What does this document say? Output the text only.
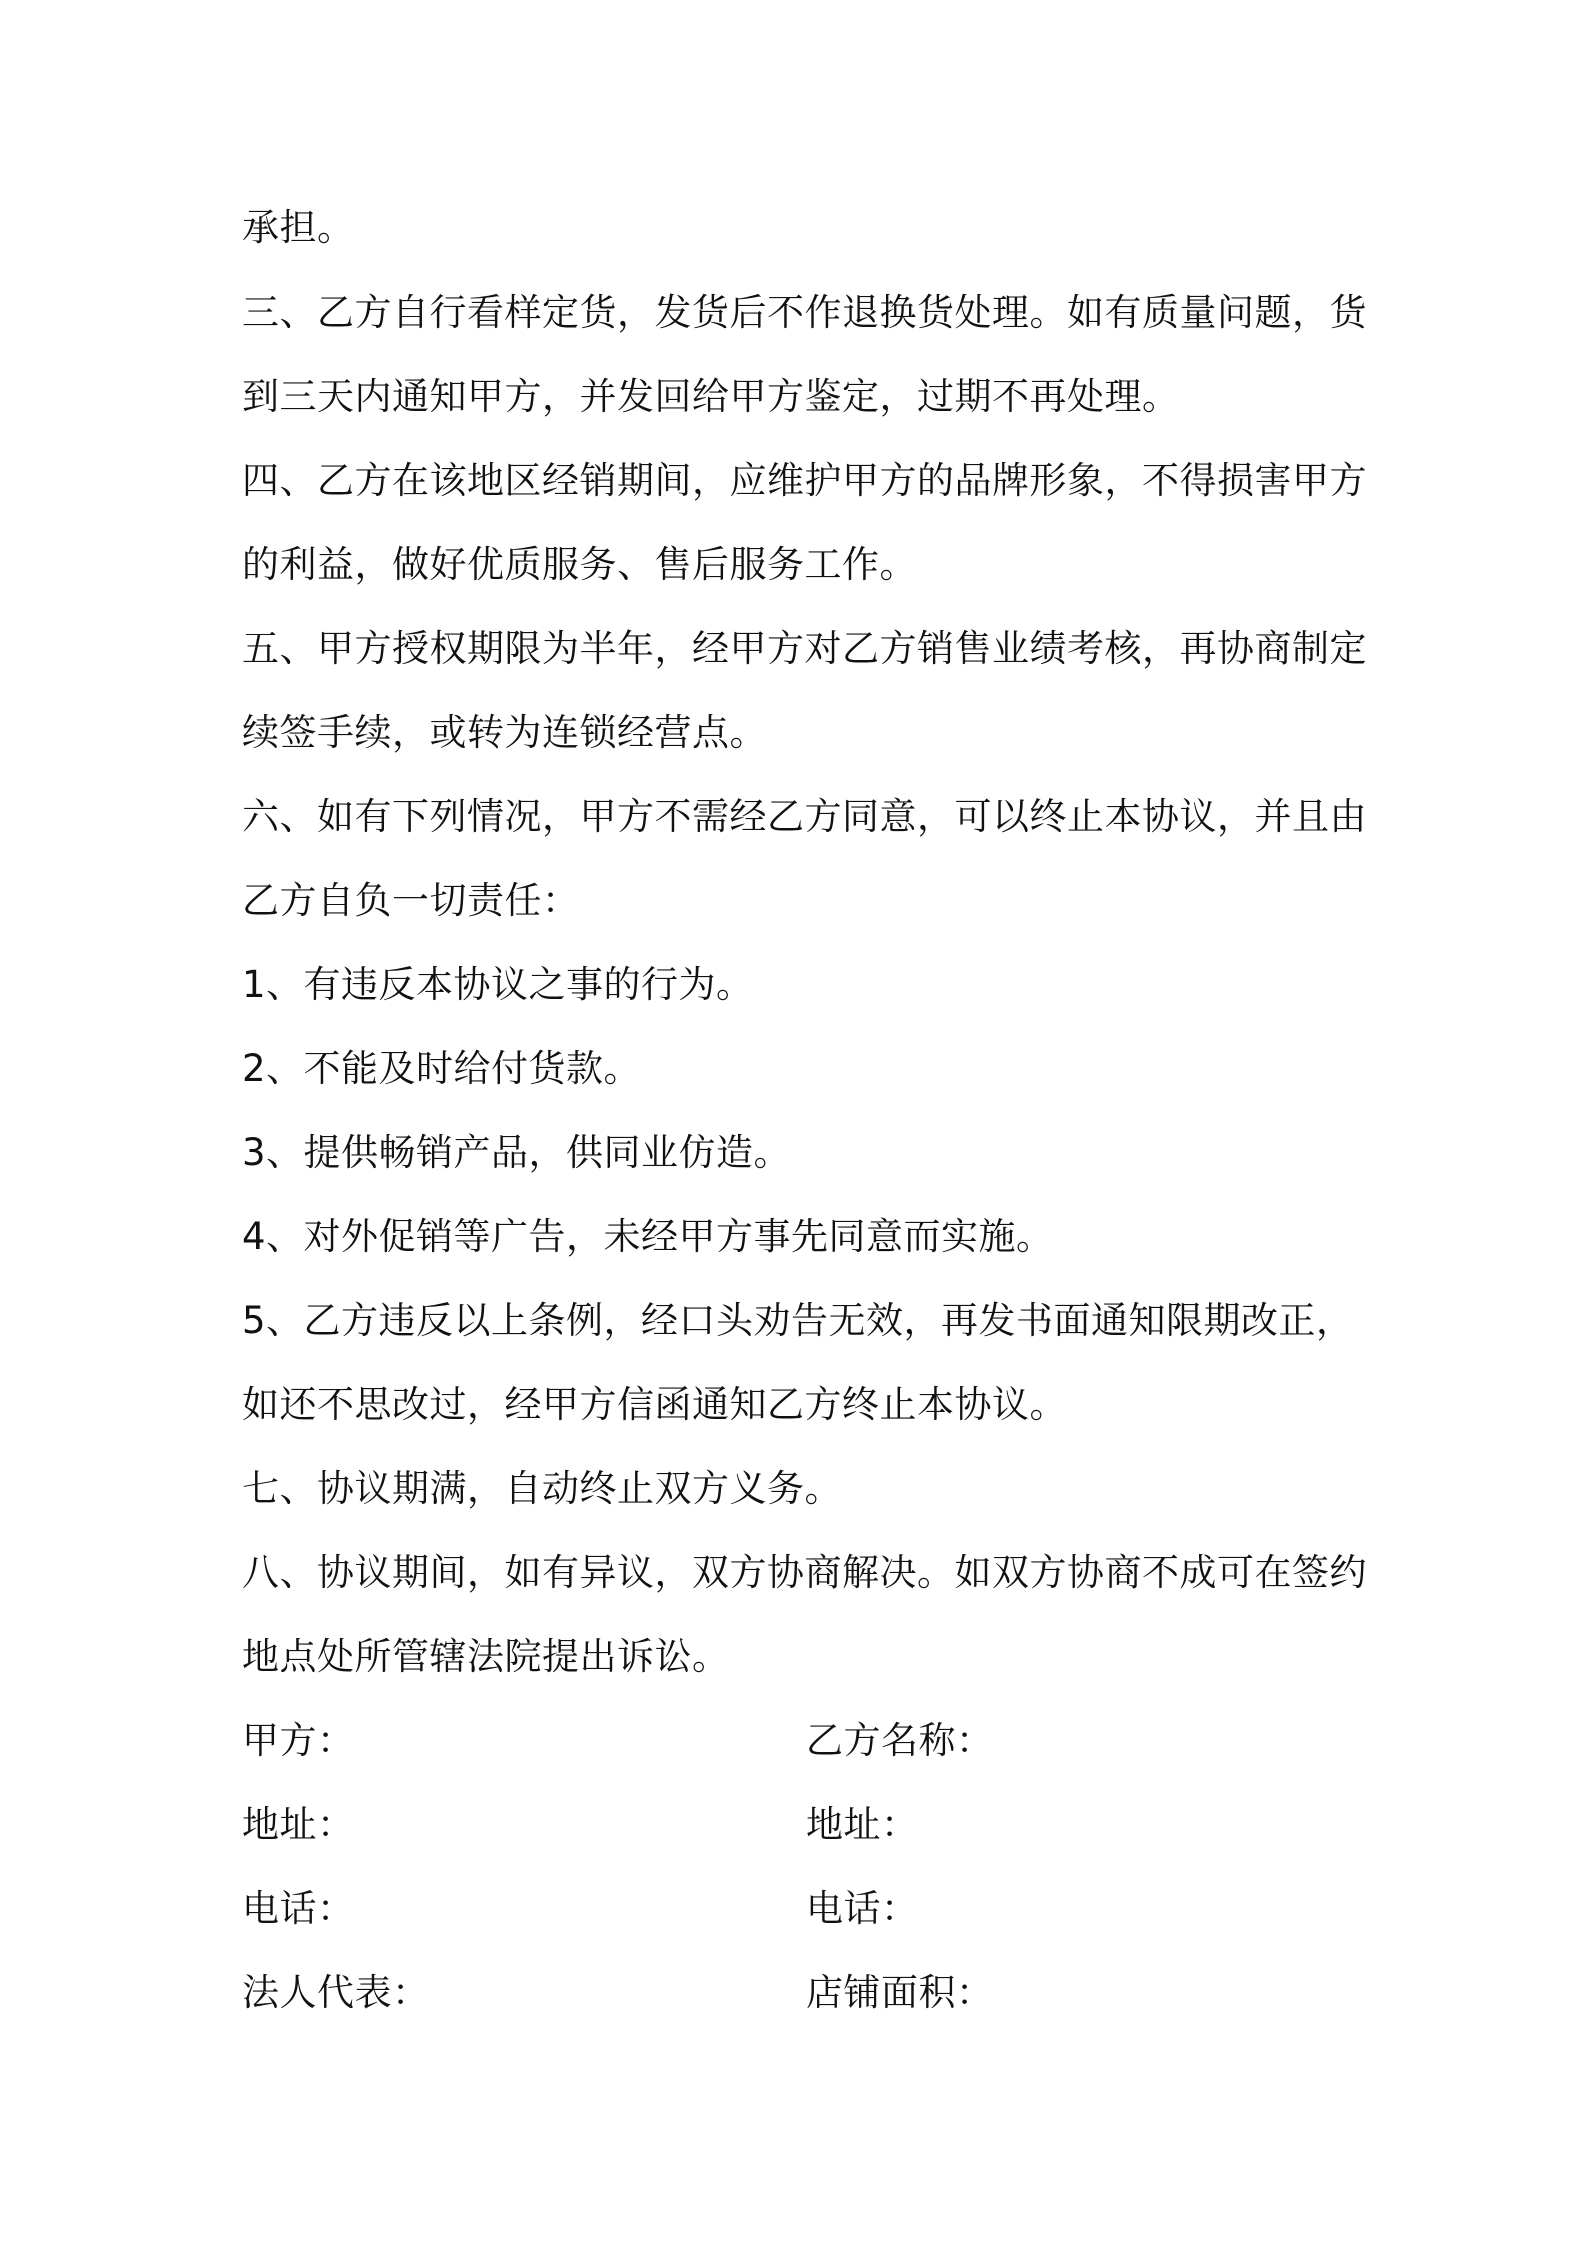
承担。
三、乙方自行看样定货，发货后不作退换货处理。如有质量问题，货
到三天内通知甲方，并发回给甲方鉴定，过期不再处理。
四、乙方在该地区经销期间，应维护甲方的品牌形象，不得损害甲方
的利益，做好优质服务、售后服务工作。
五、甲方授权期限为半年，经甲方对乙方销售业绩考核，再协商制定
续签手续，或转为连锁经营点。
六、如有下列情况，甲方不需经乙方同意，可以终止本协议，并且由
乙方自负一切责任：
1、有违反本协议之事的行为。
2、不能及时给付货款。
3、提供畅销产品，供同业仿造。
4、对外促销等广告，未经甲方事先同意而实施。
5、乙方违反以上条例，经口头劝告无效，再发书面通知限期改正，
如还不思改过，经甲方信函通知乙方终止本协议。
七、协议期满，自动终止双方义务。
八、协议期间，如有异议，双方协商解决。如双方协商不成可在签约
地点处所管辖法院提出诉讼。
甲方：	乙方名称：
地址：	地址：
电话：	电话：
法人代表：	店铺面积：
